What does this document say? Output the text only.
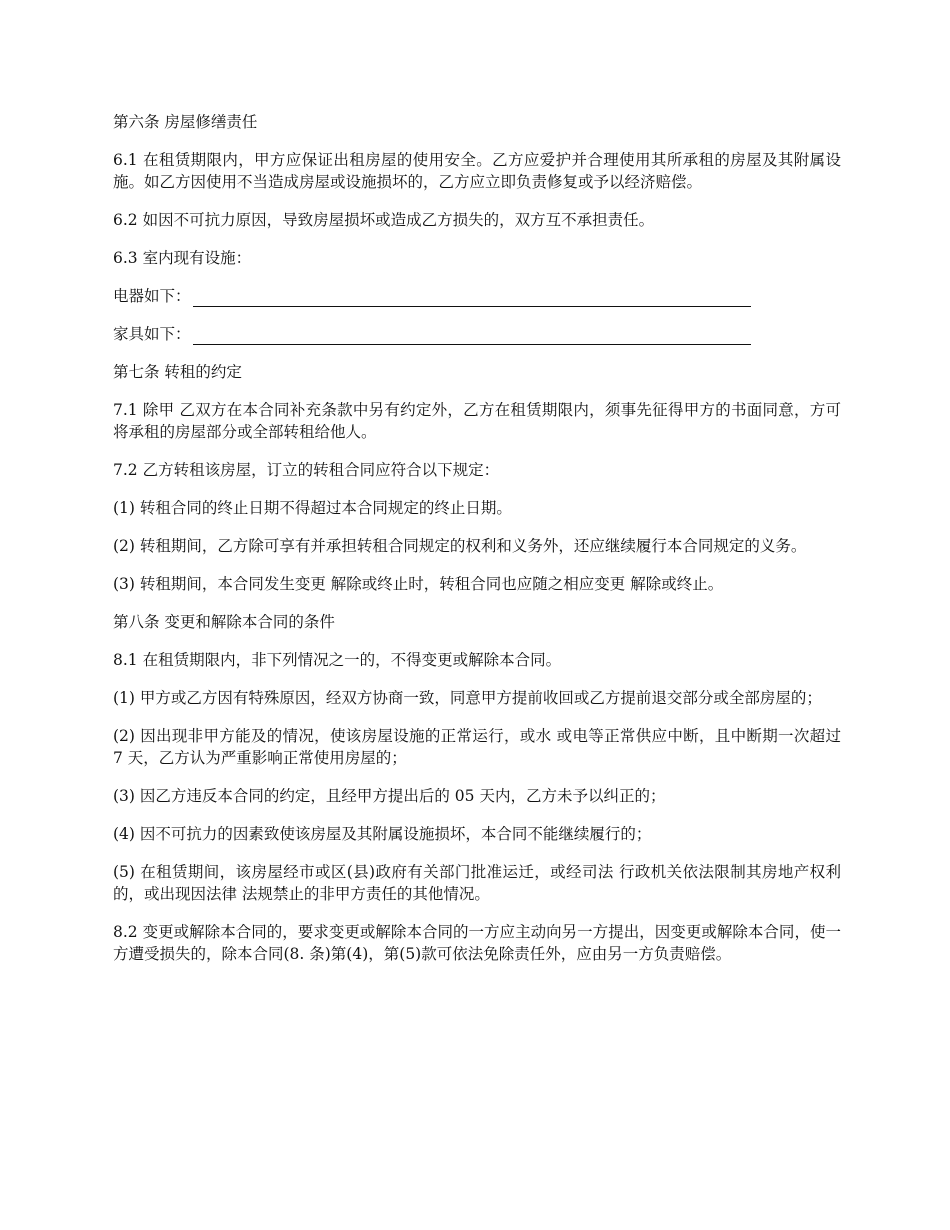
第六条 房屋修缮责任

6.1 在租赁期限内，甲方应保证出租房屋的使用安全。乙方应爱护并合理使用其所承租的房屋及其附属设施。如乙方因使用不当造成房屋或设施损坏的，乙方应立即负责修复或予以经济赔偿。

6.2 如因不可抗力原因，导致房屋损坏或造成乙方损失的，双方互不承担责任。

6.3 室内现有设施：

电器如下：
家具如下：

第七条 转租的约定

7.1 除甲 乙双方在本合同补充条款中另有约定外，乙方在租赁期限内，须事先征得甲方的书面同意，方可将承租的房屋部分或全部转租给他人。

7.2 乙方转租该房屋，订立的转租合同应符合以下规定：

(1) 转租合同的终止日期不得超过本合同规定的终止日期。

(2) 转租期间，乙方除可享有并承担转租合同规定的权利和义务外，还应继续履行本合同规定的义务。

(3) 转租期间，本合同发生变更 解除或终止时，转租合同也应随之相应变更 解除或终止。

第八条 变更和解除本合同的条件

8.1 在租赁期限内，非下列情况之一的，不得变更或解除本合同。

(1) 甲方或乙方因有特殊原因，经双方协商一致，同意甲方提前收回或乙方提前退交部分或全部房屋的；

(2) 因出现非甲方能及的情况，使该房屋设施的正常运行，或水 或电等正常供应中断，且中断期一次超过 7 天，乙方认为严重影响正常使用房屋的；

(3) 因乙方违反本合同的约定，且经甲方提出后的 05 天内，乙方未予以纠正的；

(4) 因不可抗力的因素致使该房屋及其附属设施损坏，本合同不能继续履行的；

(5) 在租赁期间，该房屋经市或区(县)政府有关部门批准运迁，或经司法 行政机关依法限制其房地产权利的，或出现因法律 法规禁止的非甲方责任的其他情况。

8.2 变更或解除本合同的，要求变更或解除本合同的一方应主动向另一方提出，因变更或解除本合同，使一方遭受损失的，除本合同(8. 条)第(4)，第(5)款可依法免除责任外，应由另一方负责赔偿。
